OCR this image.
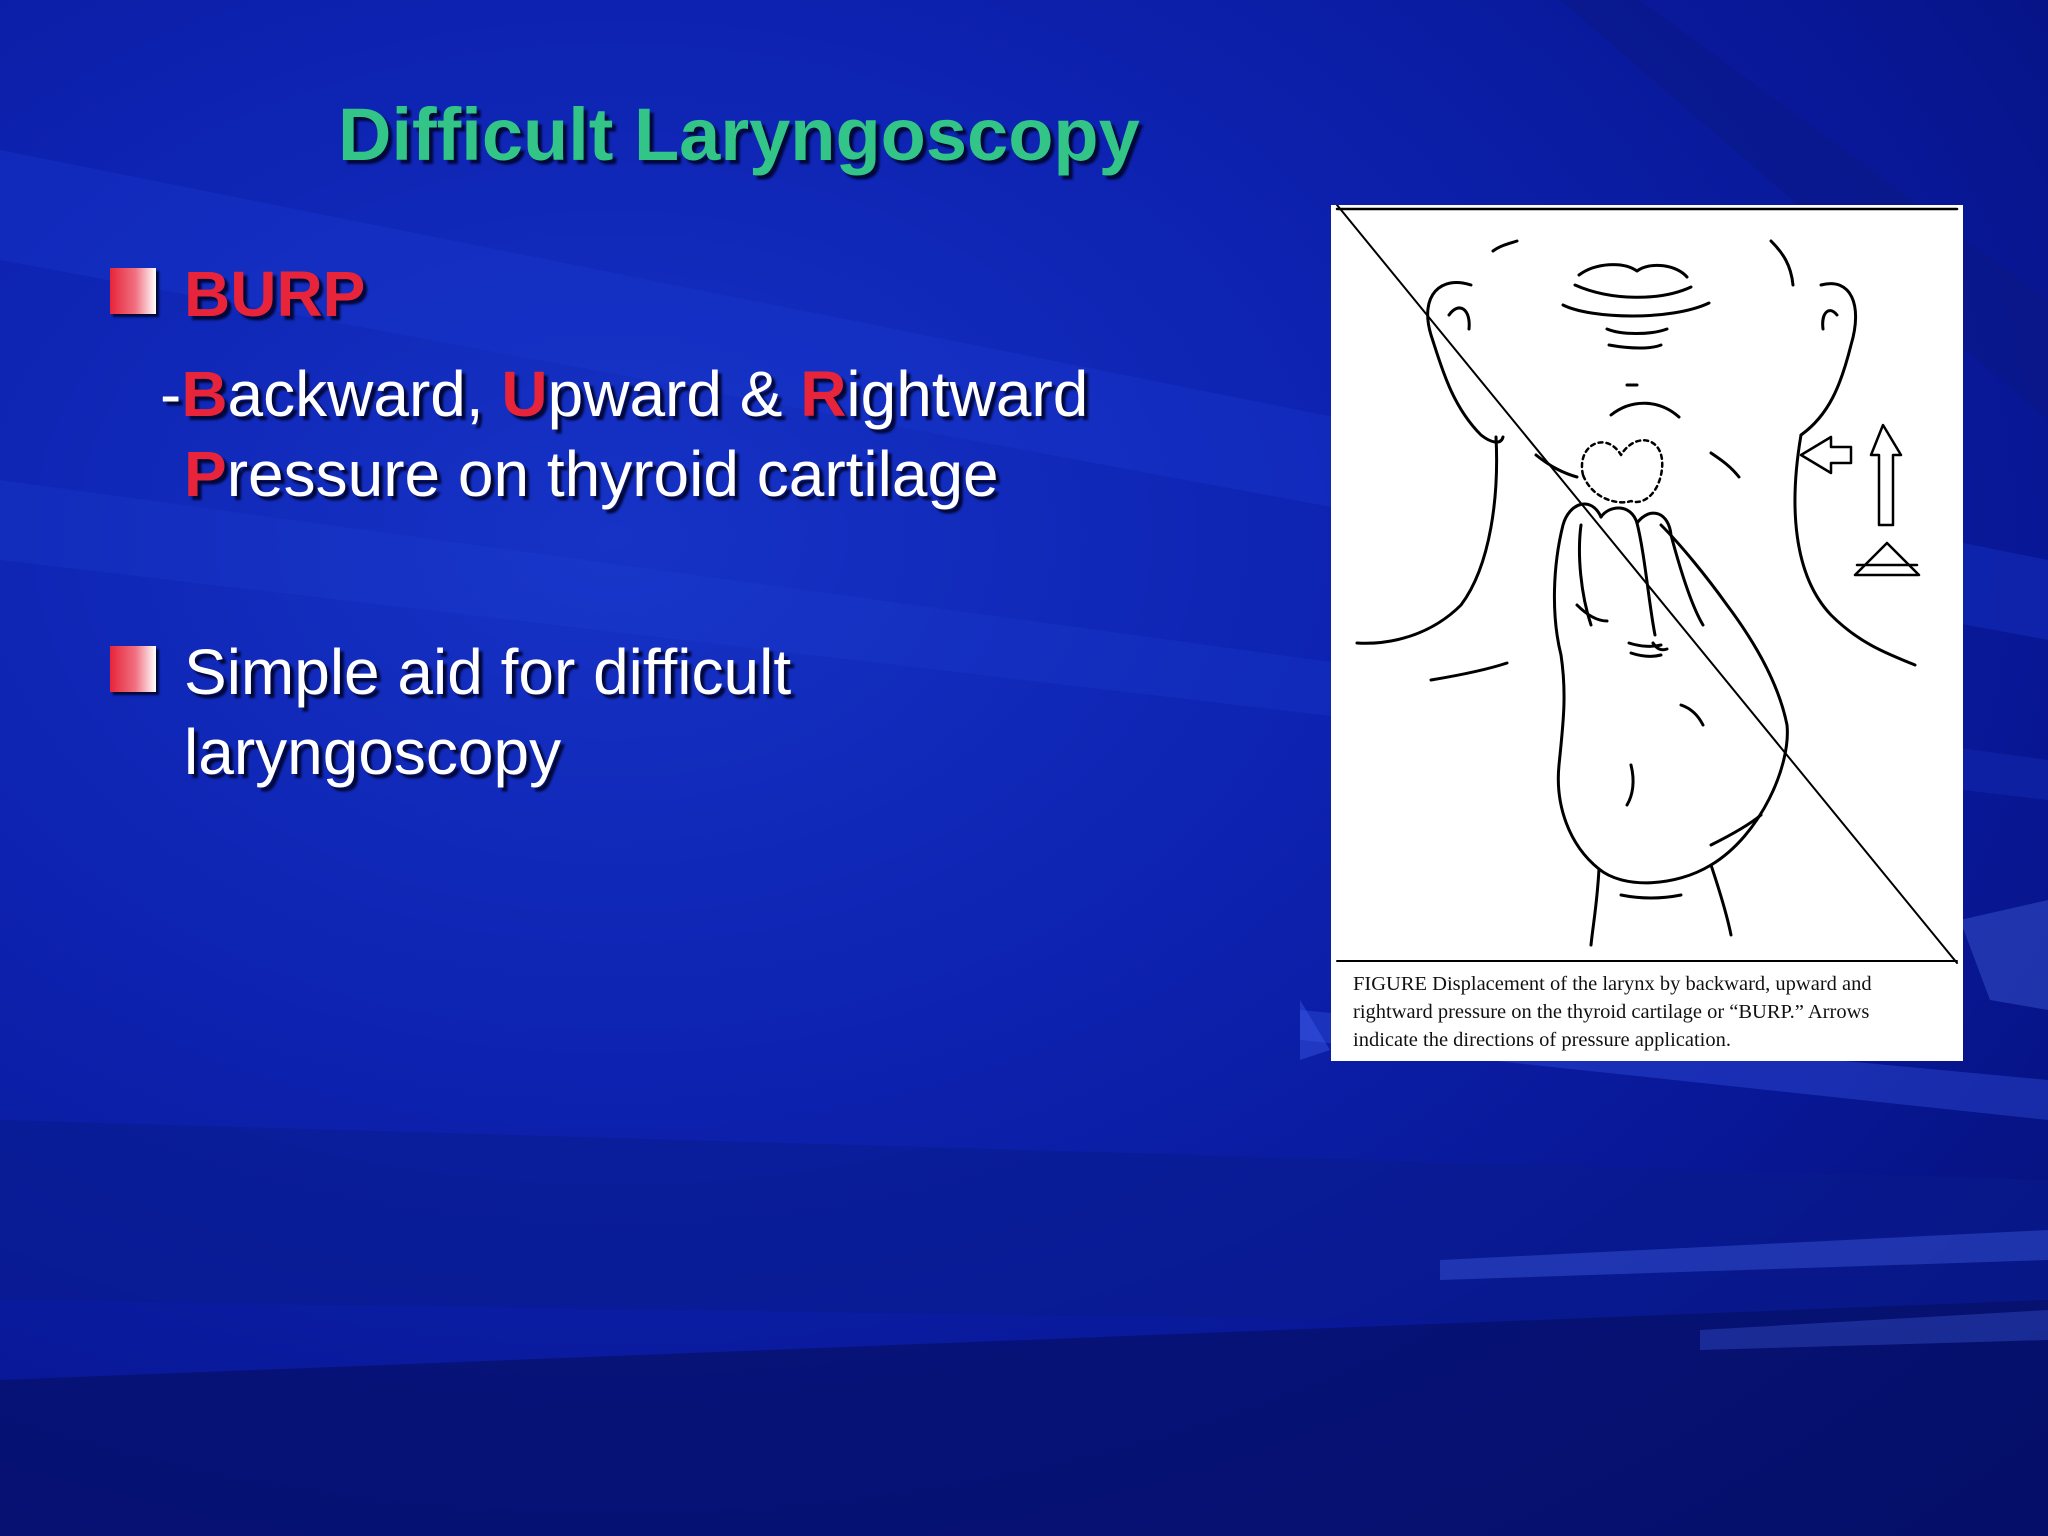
Difficult Laryngoscopy
BURP
-Backward, Upward & Rightward
Pressure on thyroid cartilage
Simple aid for difficult
laryngoscopy
FIGURE Displacement of the larynx by backward, upward and
rightward pressure on the thyroid cartilage or “BURP.” Arrows
indicate the directions of pressure application.
